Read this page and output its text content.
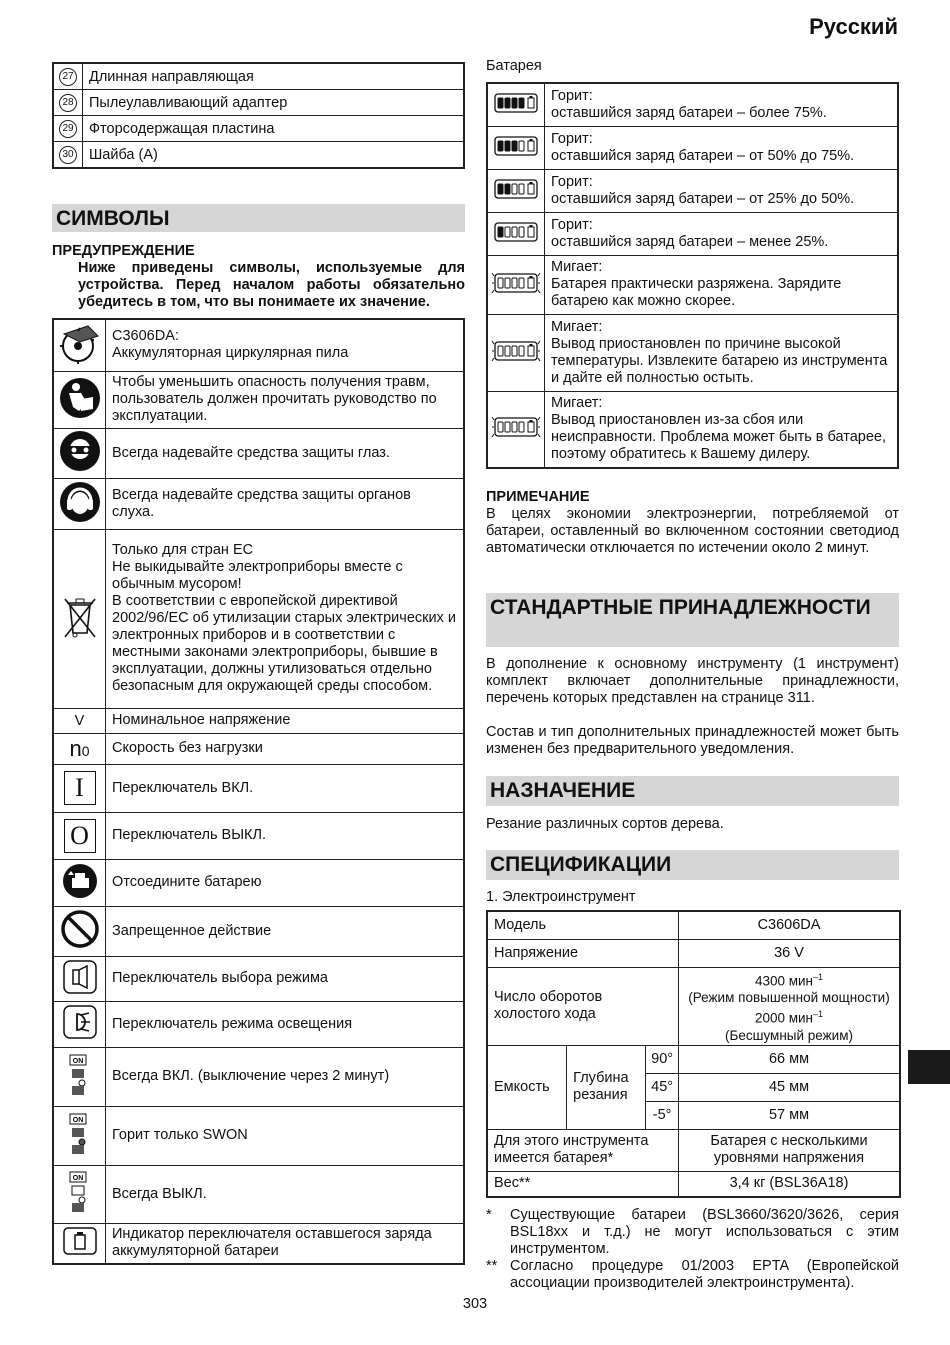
Русский
27	Длинная направляющая
28	Пылеулавливающий адаптер
29	Фторсодержащая пластина
30	Шайба (A)
СИМВОЛЫ
ПРЕДУПРЕЖДЕНИЕ
Ниже приведены символы, используемые для устройства. Перед началом работы обязательно убедитесь в том, что вы понимаете их значение.
	C3606DA:
Аккумуляторная циркулярная пила
	Чтобы уменьшить опасность получения травм, пользователь должен прочитать руководство по эксплуатации.
	Всегда надевайте средства защиты глаз.
	Всегда надевайте средства защиты органов слуха.
	Только для стран ЕС
Не выкидывайте электроприборы вместе с обычным мусором!
В соответствии с европейской директивой 2002/96/ЕС об утилизации старых электрических и электронных приборов и в соответствии с местными законами электроприборы, бывшие в эксплуатации, должны утилизоваться отдельно безопасным для окружающей среды способом.
V	Номинальное напряжение
n0	Скорость без нагрузки
I	Переключатель ВКЛ.
O	Переключатель ВЫКЛ.
	Отсоедините батарею
	Запрещенное действие
	Переключатель выбора режима
	Переключатель режима освещения

ON	Всегда ВКЛ. (выключение через 2 минут)

ON	Горит только SWON

ON	Всегда ВЫКЛ.
	Индикатор переключателя оставшегося заряда аккумуляторной батареи
Батарея
	Горит:
оставшийся заряд батареи – более 75%.
	Горит:
оставшийся заряд батареи – от 50% до 75%.
	Горит:
оставшийся заряд батареи – от 25% до 50%.
	Горит:
оставшийся заряд батареи – менее 25%.
	Мигает:
Батарея практически разряжена. Зарядите батарею как можно скорее.
	Мигает:
Вывод приостановлен по причине высокой температуры. Извлеките батарею из инструмента и дайте ей полностью остыть.
	Мигает:
Вывод приостановлен из-за сбоя или неисправности. Проблема может быть в батарее, поэтому обратитесь к Вашему дилеру.
ПРИМЕЧАНИЕ
В целях экономии электроэнергии, потребляемой от батареи, оставленный во включенном состоянии светодиод автоматически отключается по истечении около 2 минут.
СТАНДАРТНЫЕ ПРИНАДЛЕЖНОСТИ
В дополнение к основному инструменту (1 инструмент) комплект включает дополнительные принадлежности, перечень которых представлен на странице 311.
Состав и тип дополнительных принадлежностей может быть изменен без предварительного уведомления.
НАЗНАЧЕНИЕ
Резание различных сортов дерева.
СПЕЦИФИКАЦИИ
1. Электроинструмент
Модель			C3606DA
Напряжение			36 V
Число оборотов холостого хода			4300 мин$^{-1}$
(Режим повышенной мощности)
2000 мин$^{-1}$
(Бесшумный режим)
Емкость	Глубина резания	90°	66 мм
		45°	45 мм
		-5°	57 мм
Для этого инструмента имеется батарея*			Батарея с несколькими уровнями напряжения
Вес**			3,4 кг (BSL36A18)
*	Существующие батареи (BSL3660/3620/3626, серия BSL18xx и т.д.) не могут использоваться с этим инструментом.
** Согласно процедуре 01/2003 EPTA (Европейской ассоциации производителей электроинструмента).
303
